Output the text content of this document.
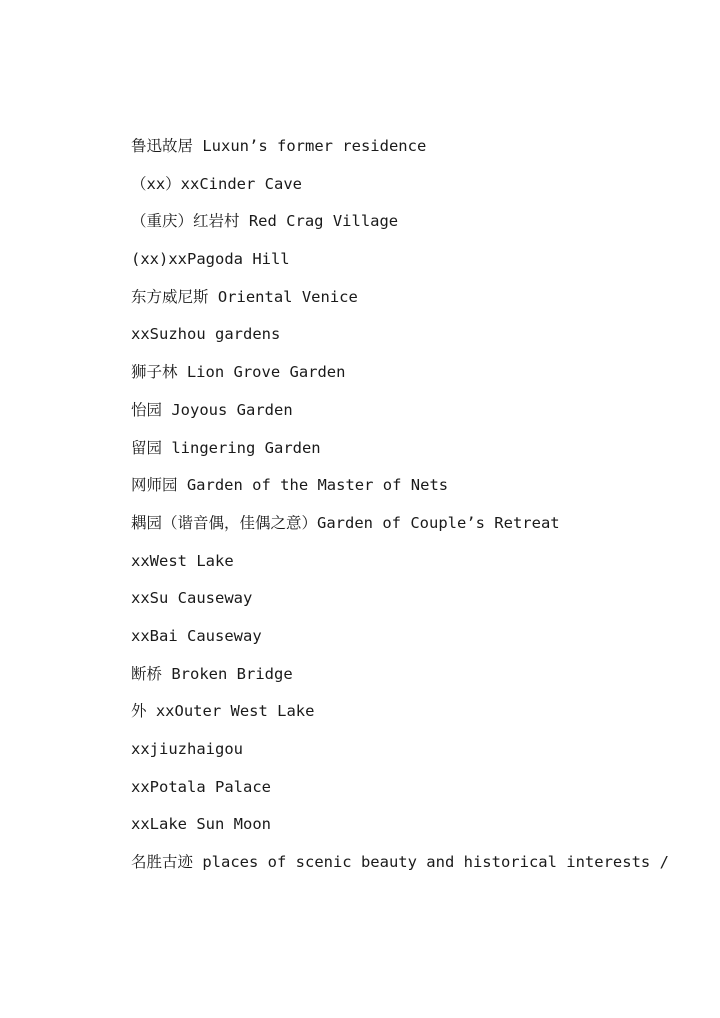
鲁迅故居 Luxun’s former residence
（xx）xxCinder Cave
（重庆）红岩村 Red Crag Village
(xx)xxPagoda Hill
东方威尼斯 Oriental Venice
xxSuzhou gardens
狮子林 Lion Grove Garden
怡园 Joyous Garden
留园 lingering Garden
网师园 Garden of the Master of Nets
耦园（谐音偶，佳偶之意）Garden of Couple’s Retreat
xxWest Lake
xxSu Causeway
xxBai Causeway
断桥 Broken Bridge
外 xxOuter West Lake
xxjiuzhaigou
xxPotala Palace
xxLake Sun Moon
名胜古迹 places of scenic beauty and historical interests /
